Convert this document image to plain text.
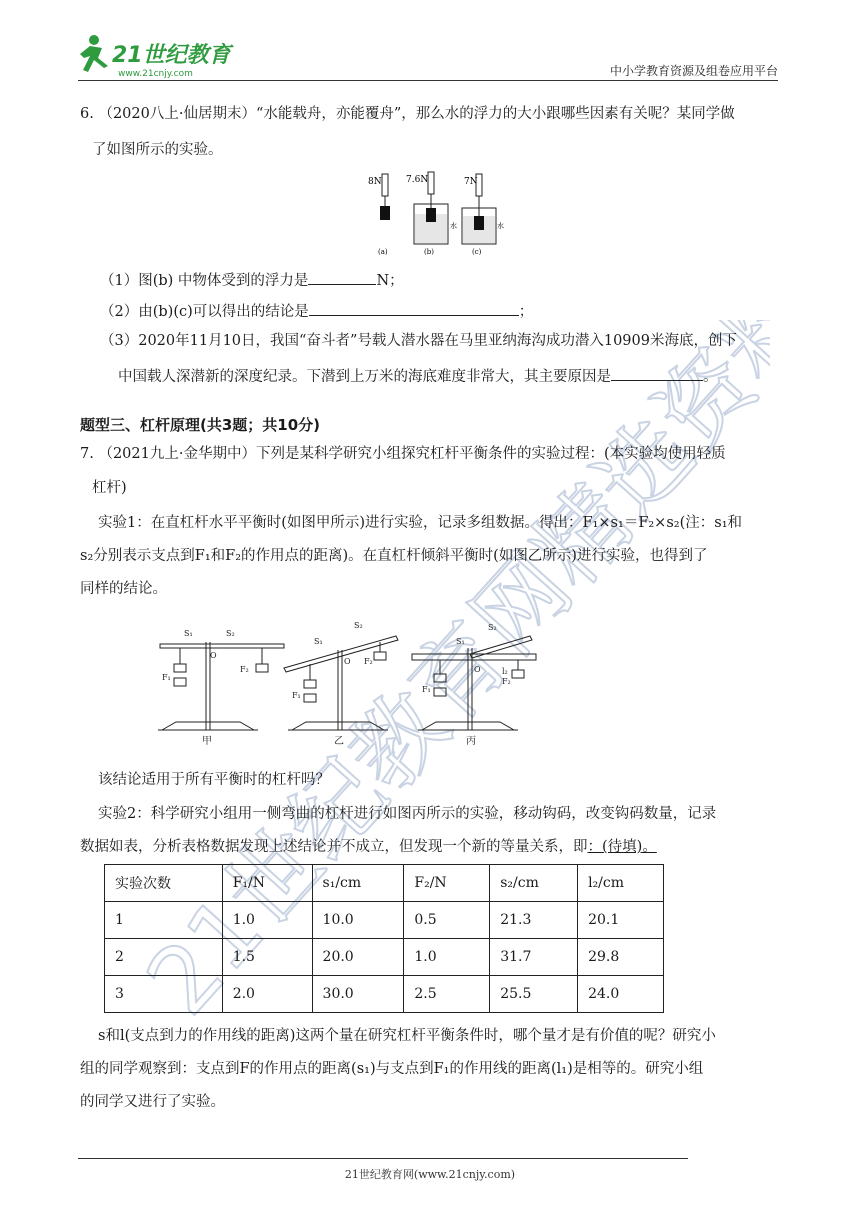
21世纪教育
www.21cnjy.com	中小学教育资源及组卷应用平台
21世纪教育网精选资料
6. （2020八上·仙居期末）“水能载舟，亦能覆舟”，那么水的浮力的大小跟哪些因素有关呢？某同学做
了如图所示的实验。
8N
(a)
7.6N
水
(b)
7N
水
(c)
（1）图(b) 中物体受到的浮力是	N；
（2）由(b)(c)可以得出的结论是	；
（3）2020年11月10日，我国“奋斗者”号载人潜水器在马里亚纳海沟成功潜入10909米海底，创下
中国载人深潜新的深度纪录。下潜到上万米的海底难度非常大，其主要原因是	。
题型三、杠杆原理(共3题；共10分)
7. （2021九上·金华期中）下列是某科学研究小组探究杠杆平衡条件的实验过程：(本实验均使用轻质
杠杆)
实验1：在直杠杆水平平衡时(如图甲所示)进行实验，记录多组数据。得出：F₁×s₁＝F₂×s₂(注：s₁和
s₂分别表示支点到F₁和F₂的作用点的距离)。在直杠杆倾斜平衡时(如图乙所示)进行实验，也得到了
同样的结论。
S₁	S₂
O
F₁
F₂
甲
S₁
S₂
O
F₁
F₂
乙
S₁
S₂
O
F₁
l₂
F₂
丙
该结论适用于所有平衡时的杠杆吗？
实验2：科学研究小组用一侧弯曲的杠杆进行如图丙所示的实验，移动钩码，改变钩码数量，记录
数据如表，分析表格数据发现上述结论并不成立，但发现一个新的等量关系，即：(待填)。
实验次数	F₁/N	s₁/cm	F₂/N	s₂/cm	l₂/cm
1	1.0	10.0	0.5	21.3	20.1
2	1.5	20.0	1.0	31.7	29.8
3	2.0	30.0	2.5	25.5	24.0
s和l(支点到力的作用线的距离)这两个量在研究杠杆平衡条件时，哪个量才是有价值的呢？研究小
组的同学观察到：支点到F的作用点的距离(s₁)与支点到F₁的作用线的距离(l₁)是相等的。研究小组
的同学又进行了实验。
21世纪教育网(www.21cnjy.com)
